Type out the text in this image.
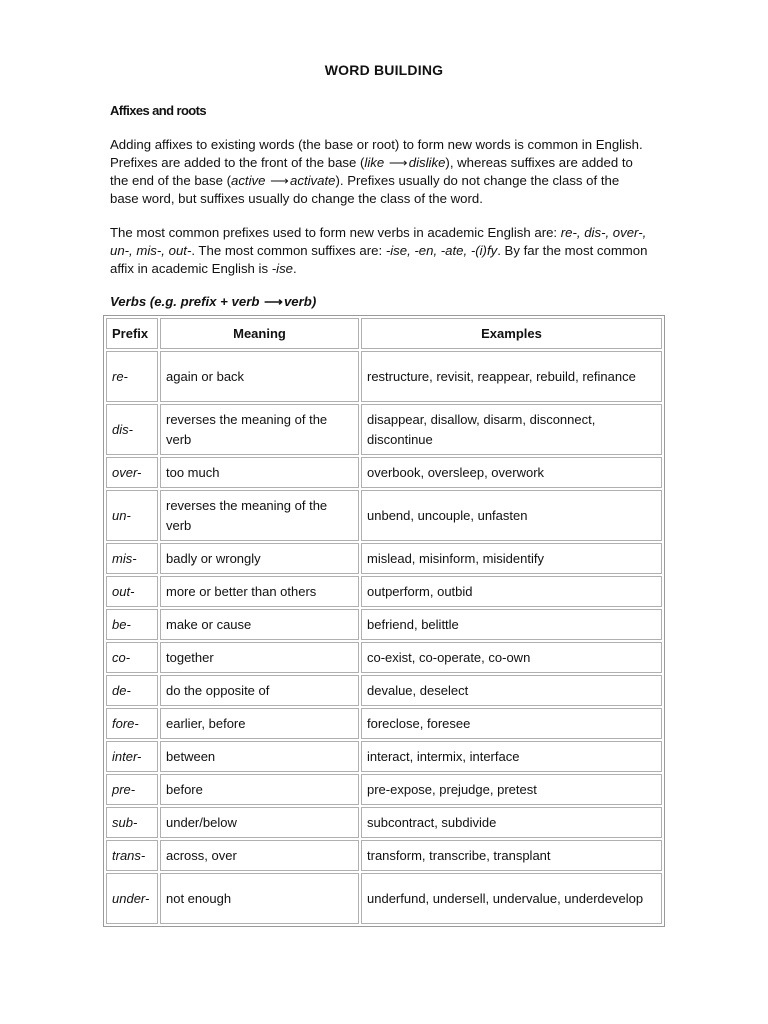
WORD BUILDING
Affixes and roots

Adding affixes to existing words (the base or root) to form new words is common in English. Prefixes are added to the front of the base (like ⟶dislike), whereas suffixes are added to the end of the base (active ⟶activate). Prefixes usually do not change the class of the base word, but suffixes usually do change the class of the word.

The most common prefixes used to form new verbs in academic English are: re-, dis-, over-, un-, mis-, out-. The most common suffixes are: -ise, -en, -ate, -(i)fy. By far the most common affix in academic English is -ise.

Verbs (e.g. prefix + verb ⟶verb)
Prefix	Meaning	Examples
re-	again or back	restructure, revisit, reappear, rebuild, refinance
dis-	reverses the meaning of the verb	disappear, disallow, disarm, disconnect, discontinue
over-	too much	overbook, oversleep, overwork
un-	reverses the meaning of the verb	unbend, uncouple, unfasten
mis-	badly or wrongly	mislead, misinform, misidentify
out-	more or better than others	outperform, outbid
be-	make or cause	befriend, belittle
co-	together	co-exist, co-operate, co-own
de-	do the opposite of	devalue, deselect
fore-	earlier, before	foreclose, foresee
inter-	between	interact, intermix, interface
pre-	before	pre-expose, prejudge, pretest
sub-	under/below	subcontract, subdivide
trans-	across, over	transform, transcribe, transplant
under-	not enough	underfund, undersell, undervalue, underdevelop
